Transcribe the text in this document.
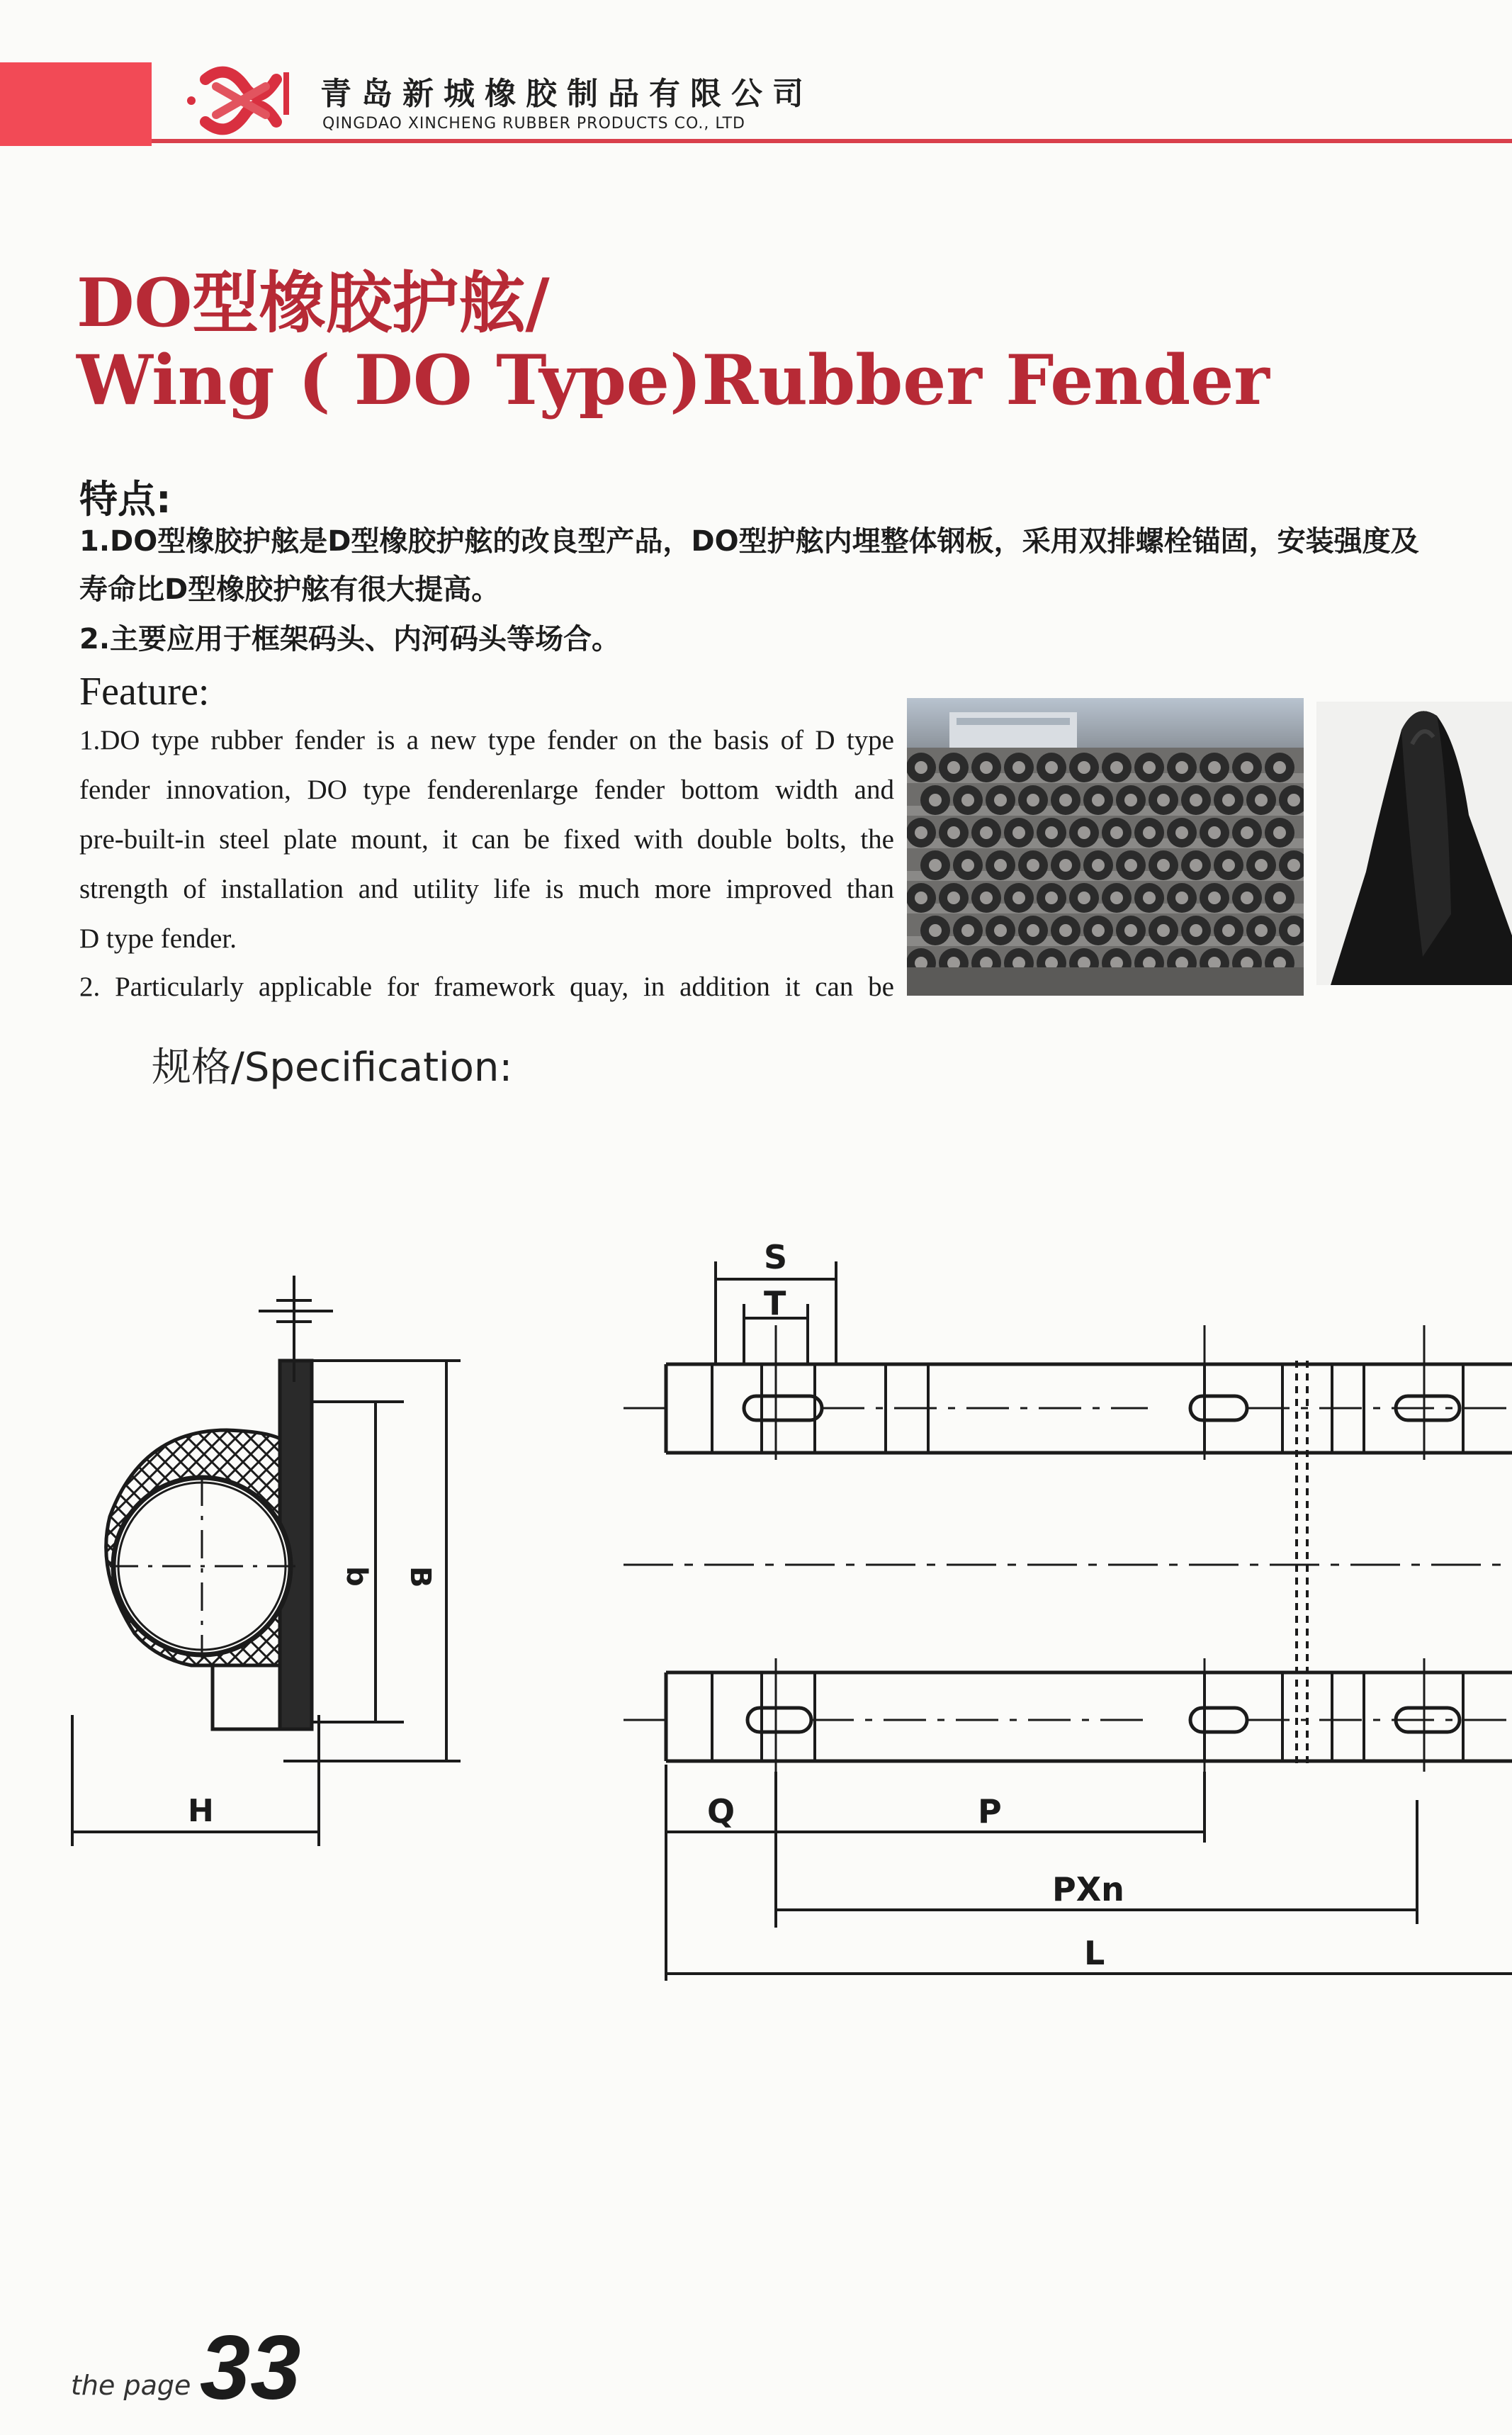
青岛新城橡胶制品有限公司
QINGDAO XINCHENG RUBBER PRODUCTS CO., LTD
DO型橡胶护舷/
Wing ( DO Type)Rubber Fender
特点:
1.DO型橡胶护舷是D型橡胶护舷的改良型产品，DO型护舷内埋整体钢板，采用双排螺栓锚固，安装强度及
寿命比D型橡胶护舷有很大提高。
2.主要应用于框架码头、内河码头等场合。
Feature:
1.DO type rubber fender is a new type fender on the basis of D type
fender innovation, DO type fenderenlarge fender bottom width and
pre-built-in steel plate mount, it can be fixed with double bolts, the
strength of installation and utility life is much more improved than
D type fender.
2. Particularly applicable for framework quay, in addition it can be
规格/Specification:
b B
H
S
T
Q	P
PXn
L
the page 33
